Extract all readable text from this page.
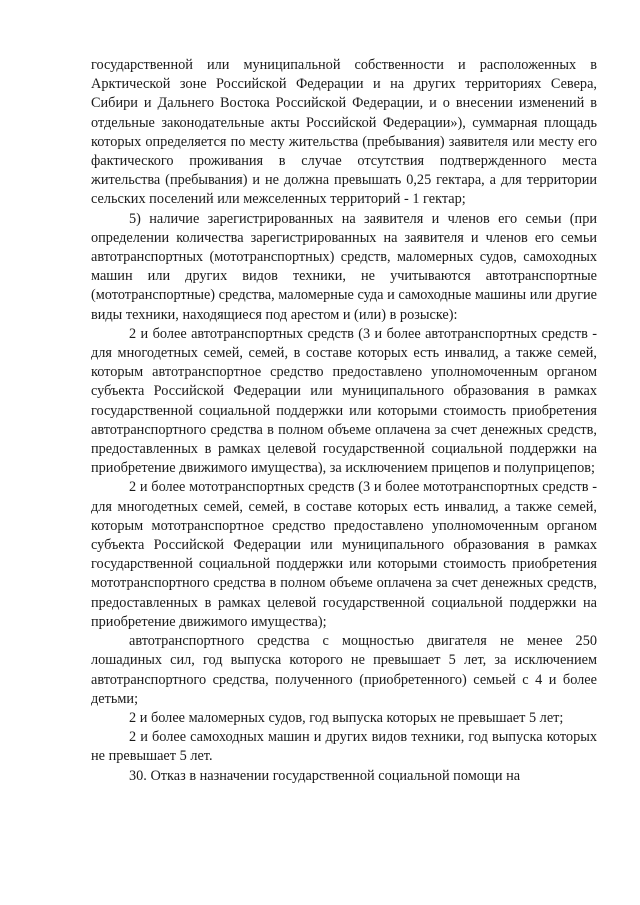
государственной или муниципальной собственности и расположенных в Арктической зоне Российской Федерации и на других территориях Севера, Сибири и Дальнего Востока Российской Федерации, и о внесении изменений в отдельные законодательные акты Российской Федерации»), суммарная площадь которых определяется по месту жительства (пребывания) заявителя или месту его фактического проживания в случае отсутствия подтвержденного места жительства (пребывания) и не должна превышать 0,25 гектара, а для территории сельских поселений или межселенных территорий - 1 гектар;

5) наличие зарегистрированных на заявителя и членов его семьи (при определении количества зарегистрированных на заявителя и членов его семьи автотранспортных (мототранспортных) средств, маломерных судов, самоходных машин или других видов техники, не учитываются автотранспортные (мототранспортные) средства, маломерные суда и самоходные машины или другие виды техники, находящиеся под арестом и (или) в розыске):

2 и более автотранспортных средств (3 и более автотранспортных средств - для многодетных семей, семей, в составе которых есть инвалид, а также семей, которым автотранспортное средство предоставлено уполномоченным органом субъекта Российской Федерации или муниципального образования в рамках государственной социальной поддержки или которыми стоимость приобретения автотранспортного средства в полном объеме оплачена за счет денежных средств, предоставленных в рамках целевой государственной социальной поддержки на приобретение движимого имущества), за исключением прицепов и полуприцепов;

2 и более мототранспортных средств (3 и более мототранспортных средств - для многодетных семей, семей, в составе которых есть инвалид, а также семей, которым мототранспортное средство предоставлено уполномоченным органом субъекта Российской Федерации или муниципального образования в рамках государственной социальной поддержки или которыми стоимость приобретения мототранспортного средства в полном объеме оплачена за счет денежных средств, предоставленных в рамках целевой государственной социальной поддержки на приобретение движимого имущества);

автотранспортного средства с мощностью двигателя не менее 250 лошадиных сил, год выпуска которого не превышает 5 лет, за исключением автотранспортного средства, полученного (приобретенного) семьей с 4 и более детьми;

2 и более маломерных судов, год выпуска которых не превышает 5 лет;

2 и более самоходных машин и других видов техники, год выпуска которых не превышает 5 лет.

30. Отказ в назначении государственной социальной помощи на
